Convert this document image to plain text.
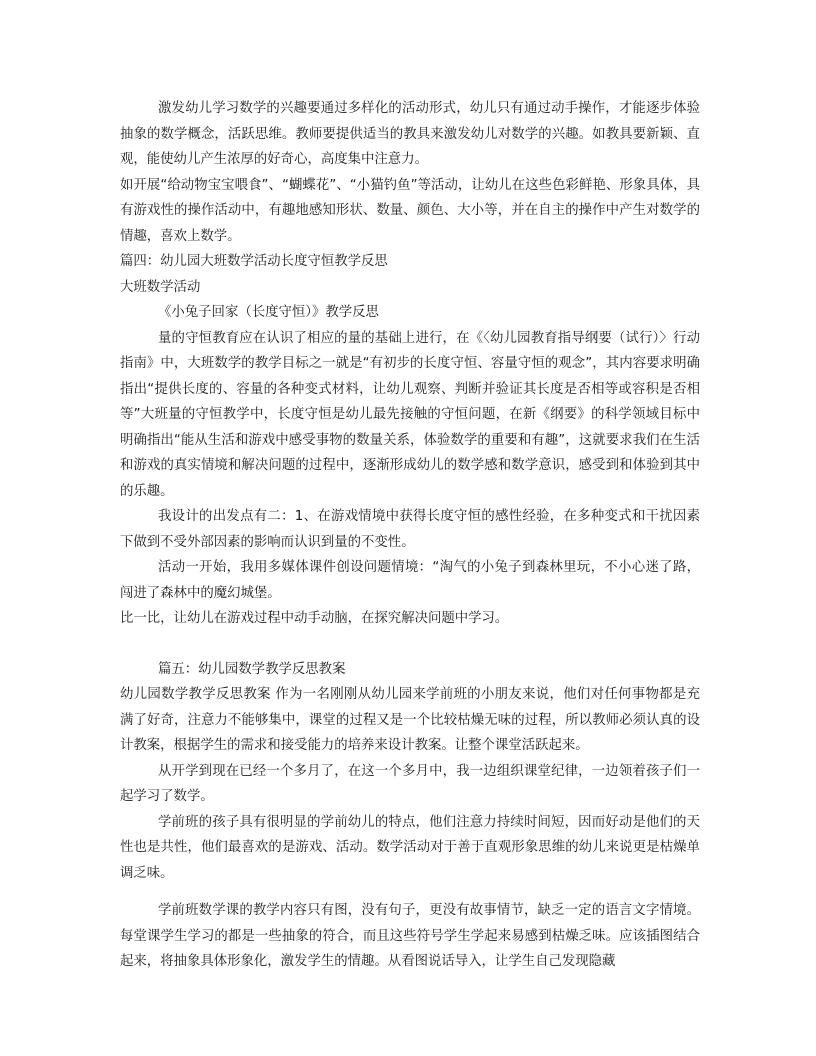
激发幼儿学习数学的兴趣要通过多样化的活动形式，幼儿只有通过动手操作，才能逐步体验抽象的数学概念，活跃思维。教师要提供适当的教具来激发幼儿对数学的兴趣。如教具要新颖、直观，能使幼儿产生浓厚的好奇心，高度集中注意力。

如开展“给动物宝宝喂食”、“蝴蝶花”、“小猫钓鱼”等活动，让幼儿在这些色彩鲜艳、形象具体，具有游戏性的操作活动中，有趣地感知形状、数量、颜色、大小等，并在自主的操作中产生对数学的情趣，喜欢上数学。

篇四：幼儿园大班数学活动长度守恒教学反思

大班数学活动

《小兔子回家（长度守恒）》教学反思

量的守恒教育应在认识了相应的量的基础上进行，在《〈幼儿园教育指导纲要（试行）〉行动指南》中，大班数学的教学目标之一就是“有初步的长度守恒、容量守恒的观念”，其内容要求明确指出“提供长度的、容量的各种变式材料，让幼儿观察、判断并验证其长度是否相等或容积是否相等”大班量的守恒教学中，长度守恒是幼儿最先接触的守恒问题，在新《纲要》的科学领域目标中明确指出“能从生活和游戏中感受事物的数量关系，体验数学的重要和有趣”，这就要求我们在生活和游戏的真实情境和解决问题的过程中，逐渐形成幼儿的数学感和数学意识，感受到和体验到其中的乐趣。

我设计的出发点有二：1、在游戏情境中获得长度守恒的感性经验，在多种变式和干扰因素下做到不受外部因素的影响而认识到量的不变性。

活动一开始，我用多媒体课件创设问题情境：“淘气的小兔子到森林里玩，不小心迷了路，闯进了森林中的魔幻城堡。

比一比，让幼儿在游戏过程中动手动脑，在探究解决问题中学习。

篇五：幼儿园数学教学反思教案

幼儿园数学教学反思教案 作为一名刚刚从幼儿园来学前班的小朋友来说，他们对任何事物都是充满了好奇，注意力不能够集中，课堂的过程又是一个比较枯燥无味的过程，所以教师必须认真的设计教案，根据学生的需求和接受能力的培养来设计教案。让整个课堂活跃起来。

从开学到现在已经一个多月了，在这一个多月中，我一边组织课堂纪律，一边领着孩子们一起学习了数学。

学前班的孩子具有很明显的学前幼儿的特点，他们注意力持续时间短，因而好动是他们的天性也是共性，他们最喜欢的是游戏、活动。数学活动对于善于直观形象思维的幼儿来说更是枯燥单调乏味。

学前班数学课的教学内容只有图，没有句子，更没有故事情节，缺乏一定的语言文字情境。每堂课学生学习的都是一些抽象的符合，而且这些符号学生学起来易感到枯燥乏味。应该插图结合起来，将抽象具体形象化，激发学生的情趣。从看图说话导入，让学生自己发现隐藏
